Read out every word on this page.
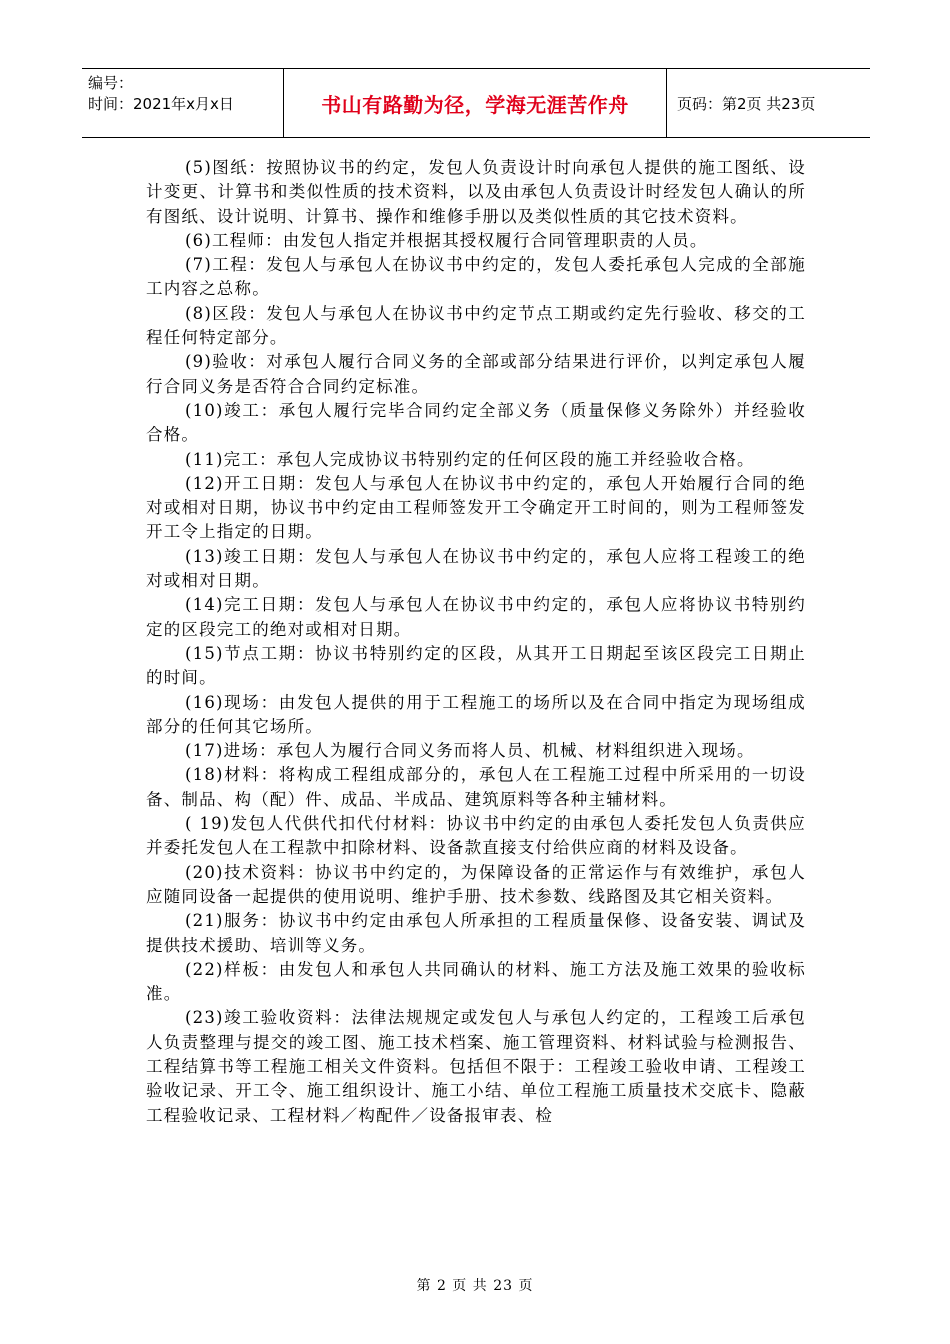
编号：
时间：2021年x月x日	书山有路勤为径，学海无涯苦作舟	页码：第2页 共23页

(5)图纸：按照协议书的约定，发包人负责设计时向承包人提供的施工图纸、设计变更、计算书和类似性质的技术资料，以及由承包人负责设计时经发包人确认的所有图纸、设计说明、计算书、操作和维修手册以及类似性质的其它技术资料。

(6)工程师：由发包人指定并根据其授权履行合同管理职责的人员。

(7)工程：发包人与承包人在协议书中约定的，发包人委托承包人完成的全部施工内容之总称。

(8)区段：发包人与承包人在协议书中约定节点工期或约定先行验收、移交的工程任何特定部分。

(9)验收：对承包人履行合同义务的全部或部分结果进行评价，以判定承包人履行合同义务是否符合合同约定标准。

(10)竣工：承包人履行完毕合同约定全部义务（质量保修义务除外）并经验收合格。

(11)完工：承包人完成协议书特别约定的任何区段的施工并经验收合格。

(12)开工日期：发包人与承包人在协议书中约定的，承包人开始履行合同的绝对或相对日期，协议书中约定由工程师签发开工令确定开工时间的，则为工程师签发开工令上指定的日期。

(13)竣工日期：发包人与承包人在协议书中约定的，承包人应将工程竣工的绝对或相对日期。

(14)完工日期：发包人与承包人在协议书中约定的，承包人应将协议书特别约定的区段完工的绝对或相对日期。

(15)节点工期：协议书特别约定的区段，从其开工日期起至该区段完工日期止的时间。

(16)现场：由发包人提供的用于工程施工的场所以及在合同中指定为现场组成部分的任何其它场所。

(17)进场：承包人为履行合同义务而将人员、机械、材料组织进入现场。

(18)材料：将构成工程组成部分的，承包人在工程施工过程中所采用的一切设备、制品、构（配）件、成品、半成品、建筑原料等各种主辅材料。

( 19)发包人代供代扣代付材料：协议书中约定的由承包人委托发包人负责供应并委托发包人在工程款中扣除材料、设备款直接支付给供应商的材料及设备。

(20)技术资料：协议书中约定的，为保障设备的正常运作与有效维护，承包人应随同设备一起提供的使用说明、维护手册、技术参数、线路图及其它相关资料。

(21)服务：协议书中约定由承包人所承担的工程质量保修、设备安装、调试及提供技术援助、培训等义务。

(22)样板：由发包人和承包人共同确认的材料、施工方法及施工效果的验收标准。

(23)竣工验收资料：法律法规规定或发包人与承包人约定的，工程竣工后承包人负责整理与提交的竣工图、施工技术档案、施工管理资料、材料试验与检测报告、工程结算书等工程施工相关文件资料。包括但不限于：工程竣工验收申请、工程竣工验收记录、开工令、施工组织设计、施工小结、单位工程施工质量技术交底卡、隐蔽工程验收记录、工程材料／构配件／设备报审表、检

第 2 页 共 23 页
